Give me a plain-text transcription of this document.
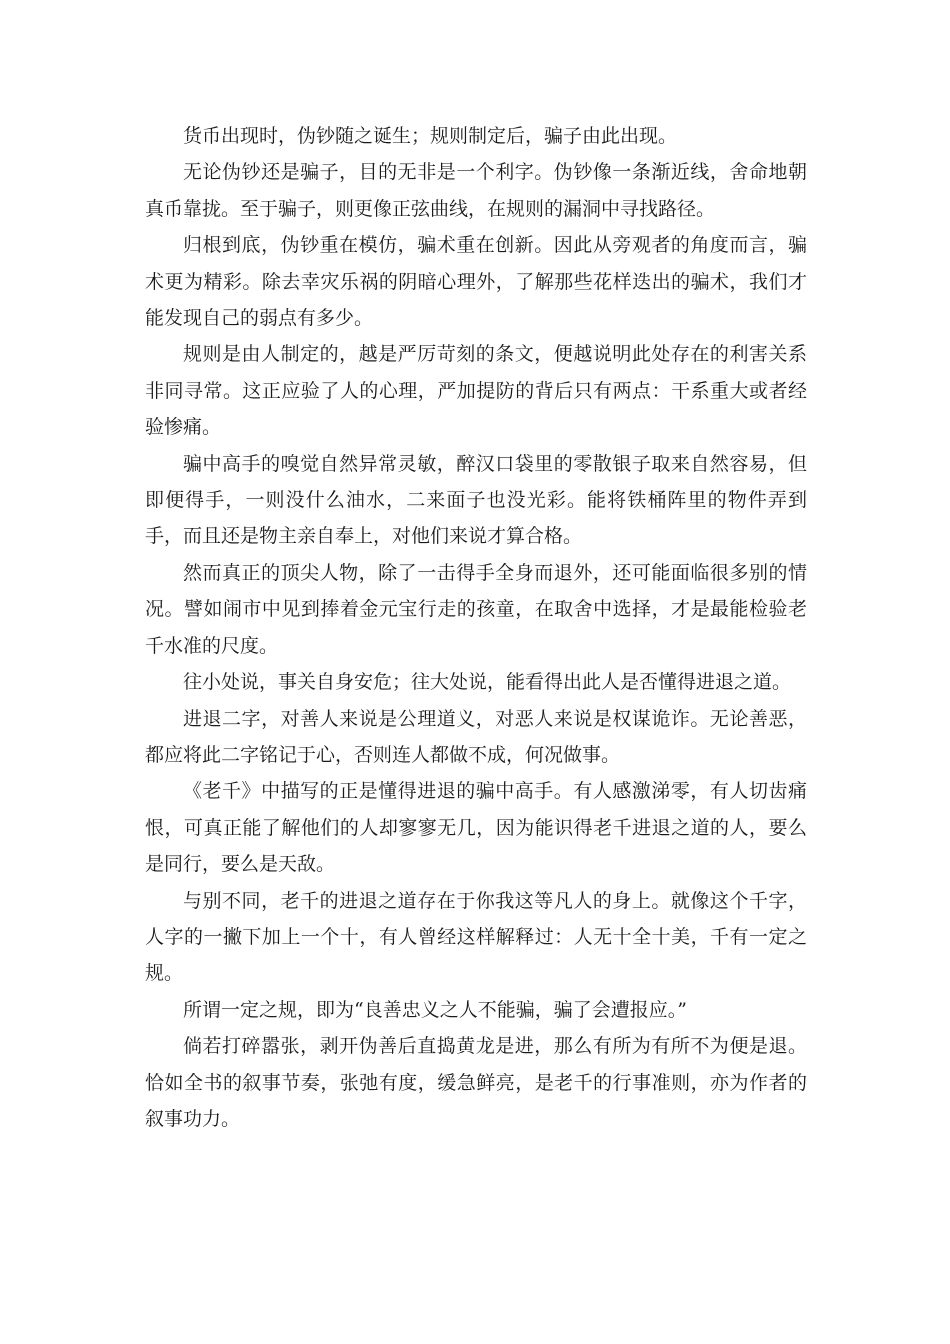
货币出现时，伪钞随之诞生；规则制定后，骗子由此出现。

无论伪钞还是骗子，目的无非是一个利字。伪钞像一条渐近线，舍命地朝真币靠拢。至于骗子，则更像正弦曲线，在规则的漏洞中寻找路径。

归根到底，伪钞重在模仿，骗术重在创新。因此从旁观者的角度而言，骗术更为精彩。除去幸灾乐祸的阴暗心理外，了解那些花样迭出的骗术，我们才能发现自己的弱点有多少。

规则是由人制定的，越是严厉苛刻的条文，便越说明此处存在的利害关系非同寻常。这正应验了人的心理，严加提防的背后只有两点：干系重大或者经验惨痛。

骗中高手的嗅觉自然异常灵敏，醉汉口袋里的零散银子取来自然容易，但即便得手，一则没什么油水，二来面子也没光彩。能将铁桶阵里的物件弄到手，而且还是物主亲自奉上，对他们来说才算合格。

然而真正的顶尖人物，除了一击得手全身而退外，还可能面临很多别的情况。譬如闹市中见到捧着金元宝行走的孩童，在取舍中选择，才是最能检验老千水准的尺度。

往小处说，事关自身安危；往大处说，能看得出此人是否懂得进退之道。

进退二字，对善人来说是公理道义，对恶人来说是权谋诡诈。无论善恶，都应将此二字铭记于心，否则连人都做不成，何况做事。

《老千》中描写的正是懂得进退的骗中高手。有人感激涕零，有人切齿痛恨，可真正能了解他们的人却寥寥无几，因为能识得老千进退之道的人，要么是同行，要么是天敌。

与别不同，老千的进退之道存在于你我这等凡人的身上。就像这个千字，人字的一撇下加上一个十，有人曾经这样解释过：人无十全十美，千有一定之规。

所谓一定之规，即为“良善忠义之人不能骗，骗了会遭报应。”

倘若打碎嚣张，剥开伪善后直捣黄龙是进，那么有所为有所不为便是退。恰如全书的叙事节奏，张弛有度，缓急鲜亮，是老千的行事准则，亦为作者的叙事功力。
